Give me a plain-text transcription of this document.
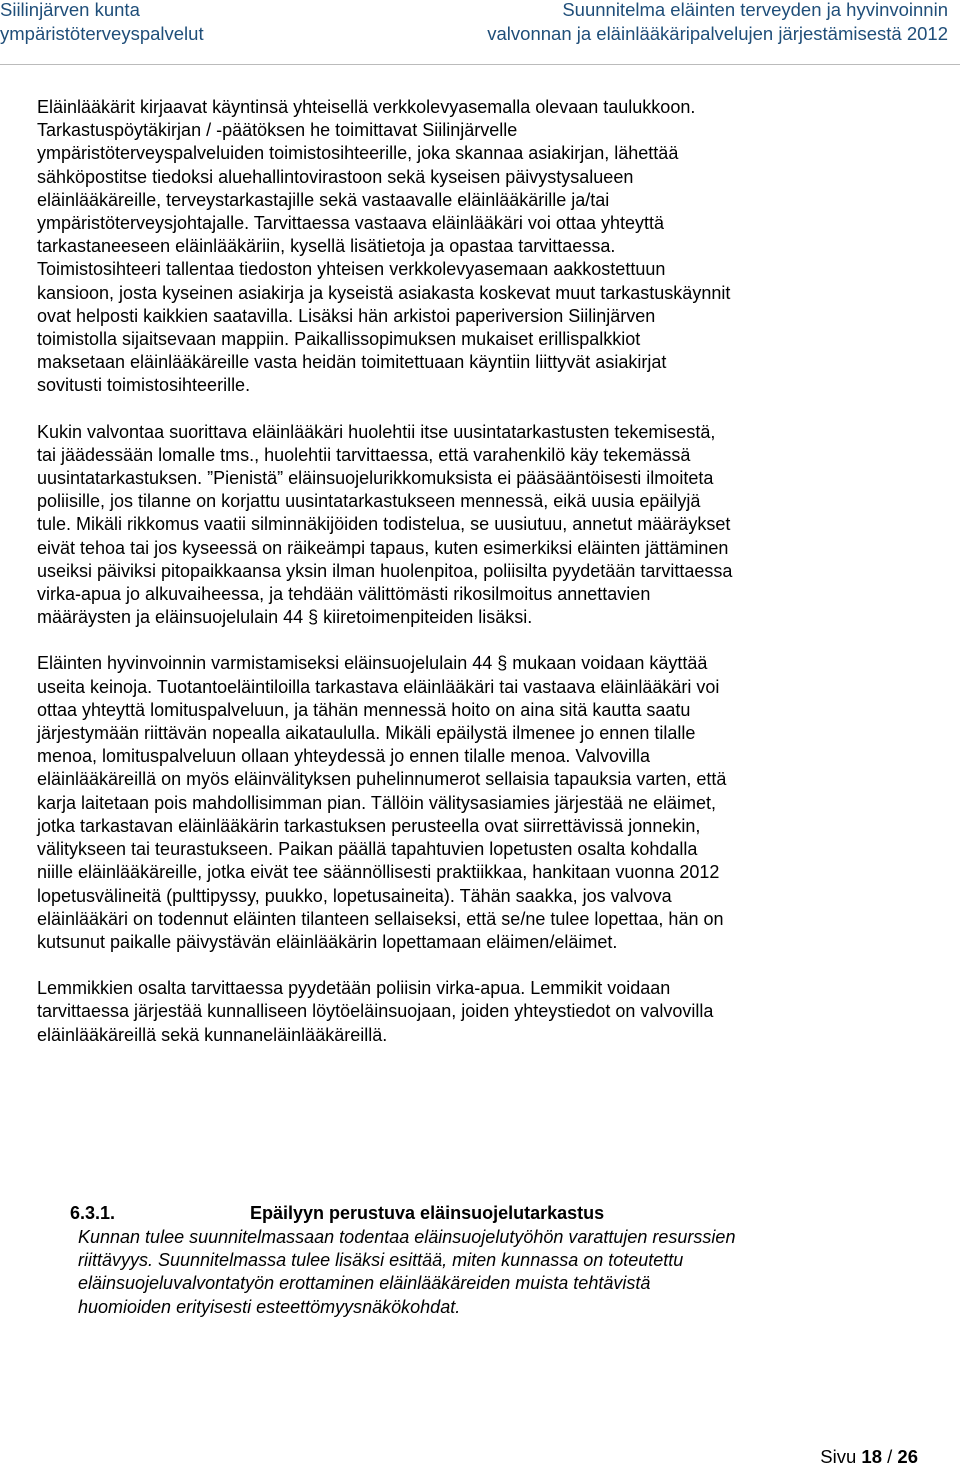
Siilinjärven kunta
ympäristöterveyspalvelut
Suunnitelma eläinten terveyden ja hyvinvoinnin
valvonnan ja eläinlääkäripalvelujen järjestämisestä 2012

Eläinlääkärit kirjaavat käyntinsä yhteisellä verkkolevyasemalla olevaan taulukkoon.
Tarkastuspöytäkirjan / -päätöksen he toimittavat Siilinjärvelle
ympäristöterveyspalveluiden toimistosihteerille, joka skannaa asiakirjan, lähettää
sähköpostitse tiedoksi aluehallintovirastoon sekä kyseisen päivystysalueen
eläinlääkäreille, terveystarkastajille sekä vastaavalle eläinlääkärille ja/tai
ympäristöterveysjohtajalle. Tarvittaessa vastaava eläinlääkäri voi ottaa yhteyttä
tarkastaneeseen eläinlääkäriin, kysellä lisätietoja ja opastaa tarvittaessa.
Toimistosihteeri tallentaa tiedoston yhteisen verkkolevyasemaan aakkostettuun
kansioon, josta kyseinen asiakirja ja kyseistä asiakasta koskevat muut tarkastuskäynnit
ovat helposti kaikkien saatavilla. Lisäksi hän arkistoi paperiversion Siilinjärven
toimistolla sijaitsevaan mappiin. Paikallissopimuksen mukaiset erillispalkkiot
maksetaan eläinlääkäreille vasta heidän toimitettuaan käyntiin liittyvät asiakirjat
sovitusti toimistosihteerille.

Kukin valvontaa suorittava eläinlääkäri huolehtii itse uusintatarkastusten tekemisestä,
tai jäädessään lomalle tms., huolehtii tarvittaessa, että varahenkilö käy tekemässä
uusintatarkastuksen. ”Pienistä” eläinsuojelurikkomuksista ei pääsääntöisesti ilmoiteta
poliisille, jos tilanne on korjattu uusintatarkastukseen mennessä, eikä uusia epäilyjä
tule. Mikäli rikkomus vaatii silminnäkijöiden todistelua, se uusiutuu, annetut määräykset
eivät tehoa tai jos kyseessä on räikeämpi tapaus, kuten esimerkiksi eläinten jättäminen
useiksi päiviksi pitopaikkaansa yksin ilman huolenpitoa, poliisilta pyydetään tarvittaessa
virka-apua jo alkuvaiheessa, ja tehdään välittömästi rikosilmoitus annettavien
määräysten ja eläinsuojelulain 44 § kiiretoimenpiteiden lisäksi.

Eläinten hyvinvoinnin varmistamiseksi eläinsuojelulain 44 § mukaan voidaan käyttää
useita keinoja. Tuotantoeläintiloilla tarkastava eläinlääkäri tai vastaava eläinlääkäri voi
ottaa yhteyttä lomituspalveluun, ja tähän mennessä hoito on aina sitä kautta saatu
järjestymään riittävän nopealla aikataululla. Mikäli epäilystä ilmenee jo ennen tilalle
menoa, lomituspalveluun ollaan yhteydessä jo ennen tilalle menoa. Valvovilla
eläinlääkäreillä on myös eläinvälityksen puhelinnumerot sellaisia tapauksia varten, että
karja laitetaan pois mahdollisimman pian. Tällöin välitysasiamies järjestää ne eläimet,
jotka tarkastavan eläinlääkärin tarkastuksen perusteella ovat siirrettävissä jonnekin,
välitykseen tai teurastukseen. Paikan päällä tapahtuvien lopetusten osalta kohdalla
niille eläinlääkäreille, jotka eivät tee säännöllisesti praktiikkaa, hankitaan vuonna 2012
lopetusvälineitä (pulttipyssy, puukko, lopetusaineita). Tähän saakka, jos valvova
eläinlääkäri on todennut eläinten tilanteen sellaiseksi, että se/ne tulee lopettaa, hän on
kutsunut paikalle päivystävän eläinlääkärin lopettamaan eläimen/eläimet.

Lemmikkien osalta tarvittaessa pyydetään poliisin virka-apua. Lemmikit voidaan
tarvittaessa järjestää kunnalliseen löytöeläinsuojaan, joiden yhteystiedot on valvovilla
eläinlääkäreillä sekä kunnaneläinlääkäreillä.

6.3.1.	Epäilyyn perustuva eläinsuojelutarkastus
Kunnan tulee suunnitelmassaan todentaa eläinsuojelutyöhön varattujen resurssien
riittävyys. Suunnitelmassa tulee lisäksi esittää, miten kunnassa on toteutettu
eläinsuojeluvalvontatyön erottaminen eläinlääkäreiden muista tehtävistä
huomioiden erityisesti esteettömyysnäkökohdat.
Sivu 18 / 26
